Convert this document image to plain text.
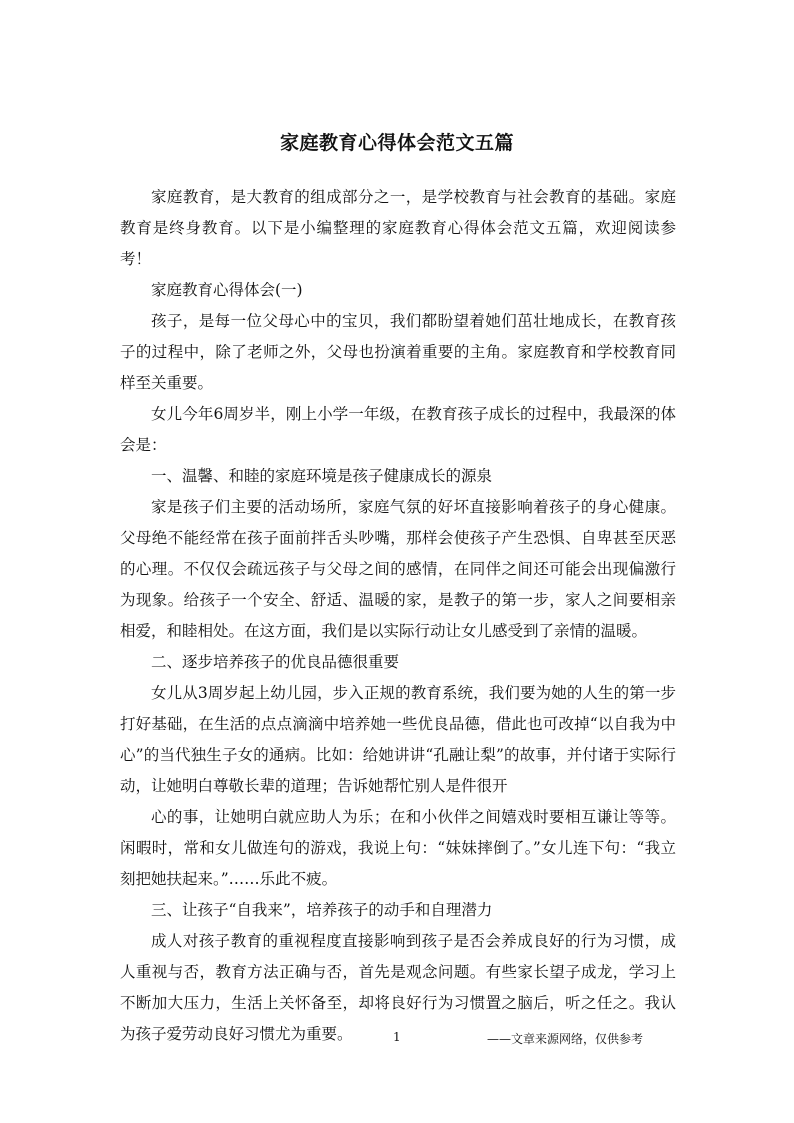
家庭教育心得体会范文五篇

家庭教育，是大教育的组成部分之一，是学校教育与社会教育的基础。家庭教育是终身教育。以下是小编整理的家庭教育心得体会范文五篇，欢迎阅读参考！

家庭教育心得体会(一)

孩子，是每一位父母心中的宝贝，我们都盼望着她们茁壮地成长，在教育孩子的过程中，除了老师之外，父母也扮演着重要的主角。家庭教育和学校教育同样至关重要。

女儿今年6周岁半，刚上小学一年级，在教育孩子成长的过程中，我最深的体会是：

一、温馨、和睦的家庭环境是孩子健康成长的源泉

家是孩子们主要的活动场所，家庭气氛的好坏直接影响着孩子的身心健康。父母绝不能经常在孩子面前拌舌头吵嘴，那样会使孩子产生恐惧、自卑甚至厌恶的心理。不仅仅会疏远孩子与父母之间的感情，在同伴之间还可能会出现偏激行为现象。给孩子一个安全、舒适、温暖的家，是教子的第一步，家人之间要相亲相爱，和睦相处。在这方面，我们是以实际行动让女儿感受到了亲情的温暖。

二、逐步培养孩子的优良品德很重要

女儿从3周岁起上幼儿园，步入正规的教育系统，我们要为她的人生的第一步打好基础，在生活的点点滴滴中培养她一些优良品德，借此也可改掉“以自我为中心”的当代独生子女的通病。比如：给她讲讲“孔融让梨”的故事，并付诸于实际行动，让她明白尊敬长辈的道理；告诉她帮忙别人是件很开

心的事，让她明白就应助人为乐；在和小伙伴之间嬉戏时要相互谦让等等。闲暇时，常和女儿做连句的游戏，我说上句：“妹妹摔倒了。”女儿连下句：“我立刻把她扶起来。”……乐此不疲。

三、让孩子“自我来”，培养孩子的动手和自理潜力

成人对孩子教育的重视程度直接影响到孩子是否会养成良好的行为习惯，成人重视与否，教育方法正确与否，首先是观念问题。有些家长望子成龙，学习上不断加大压力，生活上关怀备至，却将良好行为习惯置之脑后，听之任之。我认为孩子爱劳动良好习惯尤为重要。	1	——文章来源网络，仅供参考
